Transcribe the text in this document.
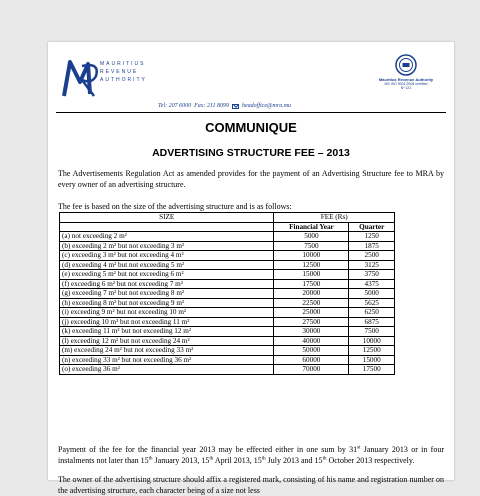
MAURITIUS
REVENUE
AUTHORITY	Mauritius Revenue Authority
MS ISO 9001:2008 certified
Nº 121
Tel: 207 6000 Fax: 211 8099 headoffice@mra.mu
COMMUNIQUE
ADVERTISING STRUCTURE FEE – 2013
The Advertisements Regulation Act as amended provides for the payment of an Advertising Structure fee to MRA by every owner of an advertising structure.
The fee is based on the size of the advertising structure and is as follows:
SIZE	FEE (Rs)	
	Financial Year	Quarter
(a) not exceeding 2 m²	5000	1250
(b) exceeding 2 m² but not exceeding 3 m²	7500	1875
(c) exceeding 3 m² but not exceeding 4 m²	10000	2500
(d) exceeding 4 m² but not exceeding 5 m²	12500	3125
(e) exceeding 5 m² but not exceeding 6 m²	15000	3750
(f) exceeding 6 m² but not exceeding 7 m²	17500	4375
(g) exceeding 7 m² but not exceeding 8 m²	20000	5000
(h) exceeding 8 m² but not exceeding 9 m²	22500	5625
(i) exceeding 9 m² but not exceeding 10 m²	25000	6250
(j) exceeding 10 m² but not exceeding 11 m²	27500	6875
(k) exceeding 11 m² but not exceeding 12 m²	30000	7500
(l) exceeding 12 m² but not exceeding 24 m²	40000	10000
(m) exceeding 24 m² but not exceeding 33 m²	50000	12500
(n) exceeding 33 m² but not exceeding 36 m²	60000	15000
(o) exceeding 36 m²	70000	17500
Payment of the fee for the financial year 2013 may be effected either in one sum by 31st January 2013 or in four instalments not later than 15th January 2013, 15th April 2013, 15th July 2013 and 15th October 2013 respectively.
The owner of the advertising structure should affix a registered mark, consisting of his name and registration number on the advertising structure, each character being of a size not less
